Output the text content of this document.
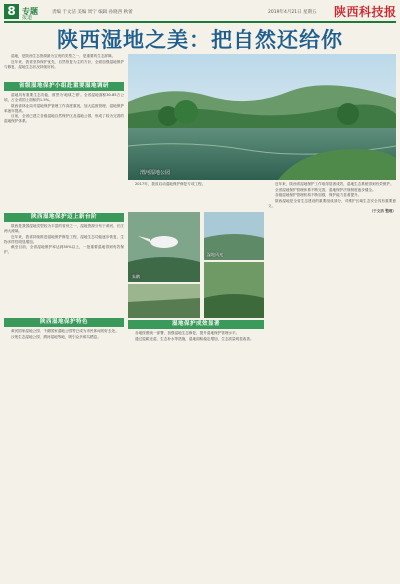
8 专题
报道
责编 于文洁 美编 周宁 编辑 孙晓西 秋蕾	2019年4月21日 星期五 陕西科技报
陕西湿地之美：把自然还给你

湿地，是陕西生态资源最为宝贵的类型之一，是重要的生态屏障。

近年来，我省坚持保护优先、自然恢复为主的方针，全面加强湿地保护与修复，湿地生态状况持续好转。

省级湿地保护小组赴重要湿地调研

湿地具有重要生态功能，被誉为'地球之肾'。全省湿地面积30.85万公顷，占全省国土面积的1.5%。

陕西省林业局对湿地保护管理工作高度重视，加大监督管理，湿地保护率逐年提高。

目前，全省已建立各级湿地自然保护区及湿地公园，形成了较为完善的湿地保护体系。

陕西湿地保护迈上新台阶

陕西是我国湿地类型较为丰富的省份之一，湿地资源分布于黄河、长江两大流域。

近年来，我省持续推进湿地保护修复工程，湿地生态功能逐步恢复，生物多样性明显增加。

截至目前，全省湿地保护率达到50%以上，一批重要湿地得到有效保护。

陕西湿地保护特色

黄河国家湿地公园、千湖国家湿地公园等已成为市民休闲的好去处。

沙苑生态湿地公园、渭河湿地等地，吸引众多候鸟栖息。

渭河湿地公园
朱鹮
湿地风光

2017年，我省启动湿地保护修复专项工程。

湿地保护成效显著

各地按照统一部署，加强湿地生态修复，提升湿地保护管理水平。

通过退耕还湿、生态补水等措施，湿地面积稳定增加，生态质量明显改善。

近年来，陕西省湿地保护工作取得显著成效，湿地生态系统得到有效保护。

全省湿地保护管理体系不断完善，湿地保护法规制度逐步健全。

各级湿地保护管理机构不断加强，保护能力显著提升。

陕西湿地是全省生态建设的重要组成部分，对维护区域生态安全具有重要意义。

（于文洁 整理）
